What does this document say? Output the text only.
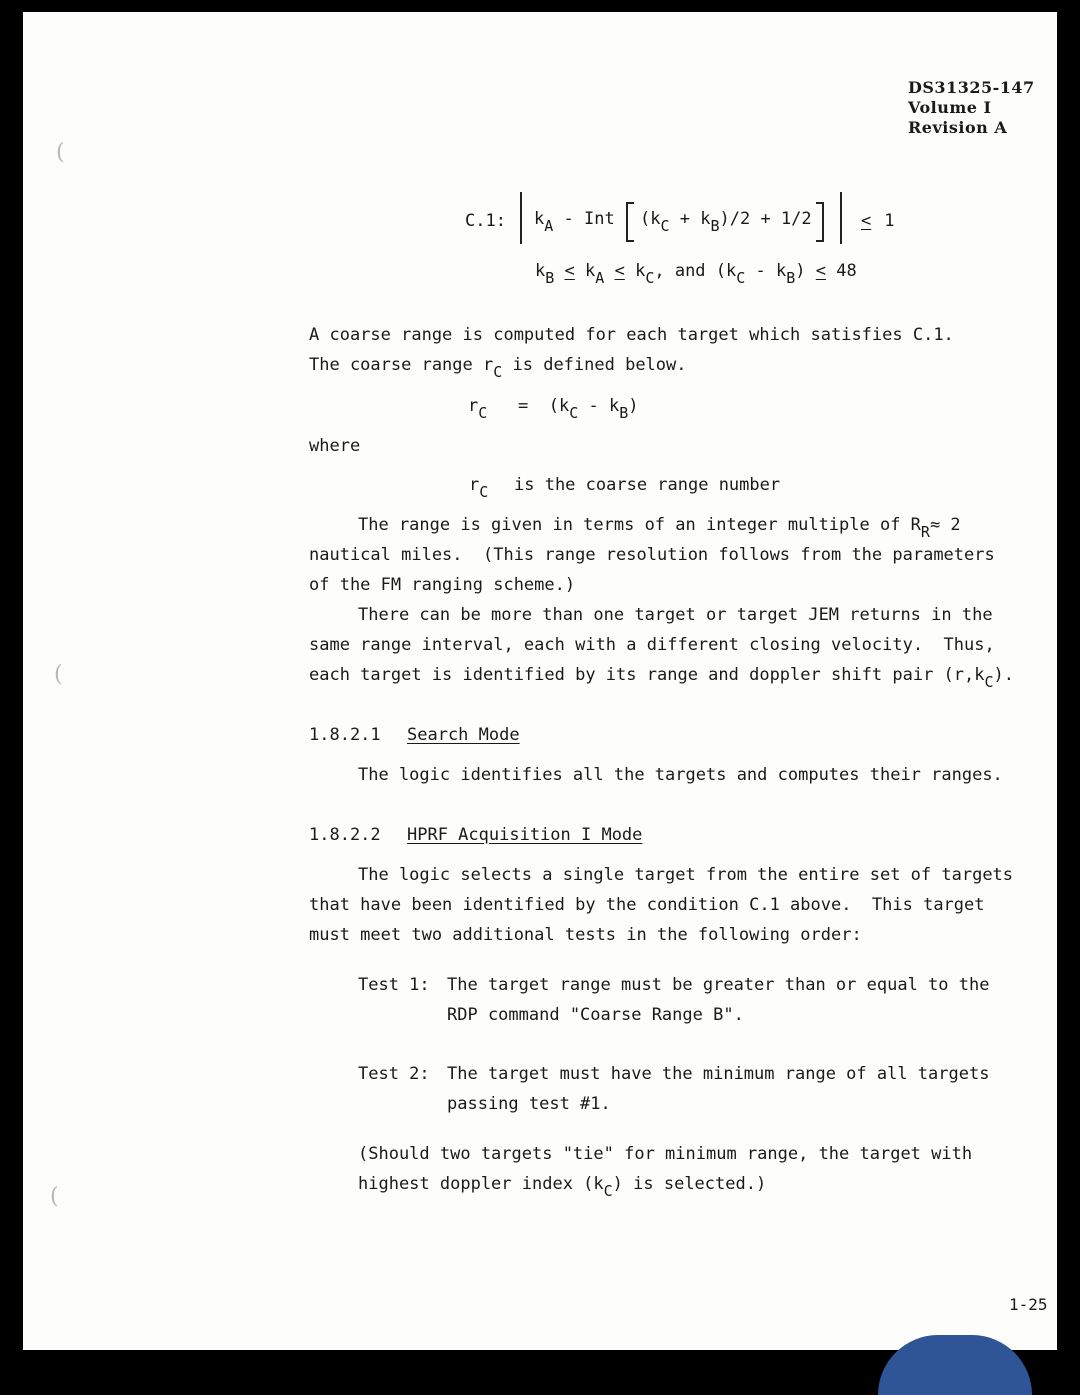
(
(
(
DS31325-147
Volume I
Revision A
C.1: kA - Int (kC + kB)/2 + 1/2	< 1
kB < kA < kC, and (kC - kB) < 48
A coarse range is computed for each target which satisfies C.1.
The coarse range rC is defined below.
rC = (kC - kB)
where
rC is the coarse range number
The range is given in terms of an integer multiple of RR≈ 2
nautical miles.  (This range resolution follows from the parameters
of the FM ranging scheme.)
There can be more than one target or target JEM returns in the
same range interval, each with a different closing velocity.  Thus,
each target is identified by its range and doppler shift pair (r,kC).
1.8.2.1 Search Mode
The logic identifies all the targets and computes their ranges.
1.8.2.2 HPRF Acquisition I Mode
The logic selects a single target from the entire set of targets
that have been identified by the condition C.1 above.  This target
must meet two additional tests in the following order:
Test 1: The target range must be greater than or equal to the
RDP command "Coarse Range B".
Test 2: The target must have the minimum range of all targets
passing test #1.
(Should two targets "tie" for minimum range, the target with
highest doppler index (kC) is selected.)
1-25
